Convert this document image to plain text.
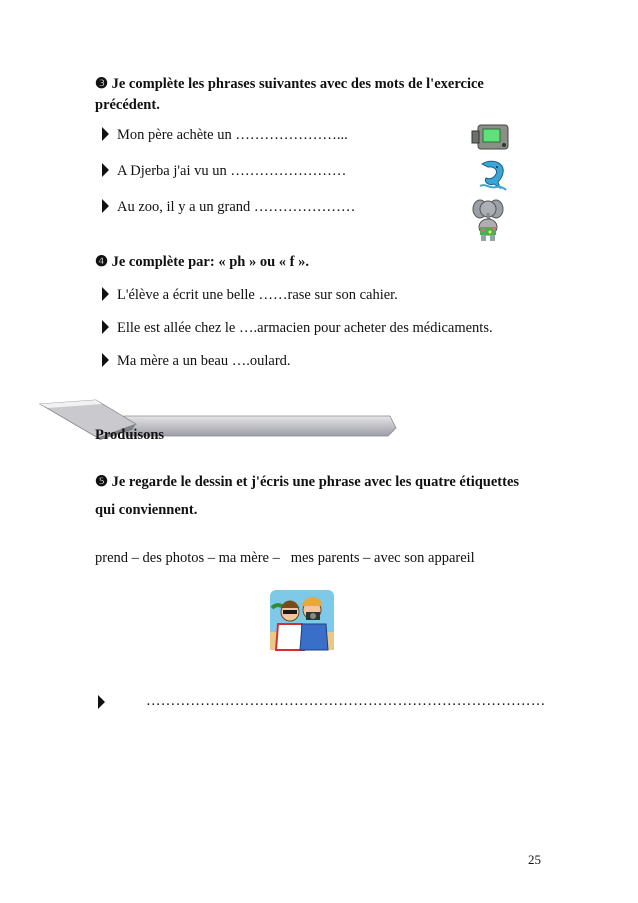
❸ Je complète les phrases suivantes avec des mots de l'exercice
précédent.
Mon père achète un …………………...
A Djerba j'ai vu un ……………………
Au zoo, il y a un grand …………………
❹ Je complète par: « ph » ou « f ».
L'élève a écrit une belle ……rase sur son cahier.
Elle est allée chez le ….armacien pour acheter des médicaments.
Ma mère a un beau ….oulard.
Produisons
❺ Je regarde le dessin et j'écris une phrase avec les quatre étiquettes
qui conviennent.
prend – des photos – ma mère –   mes parents – avec son appareil
………………………………………………………………………
25
